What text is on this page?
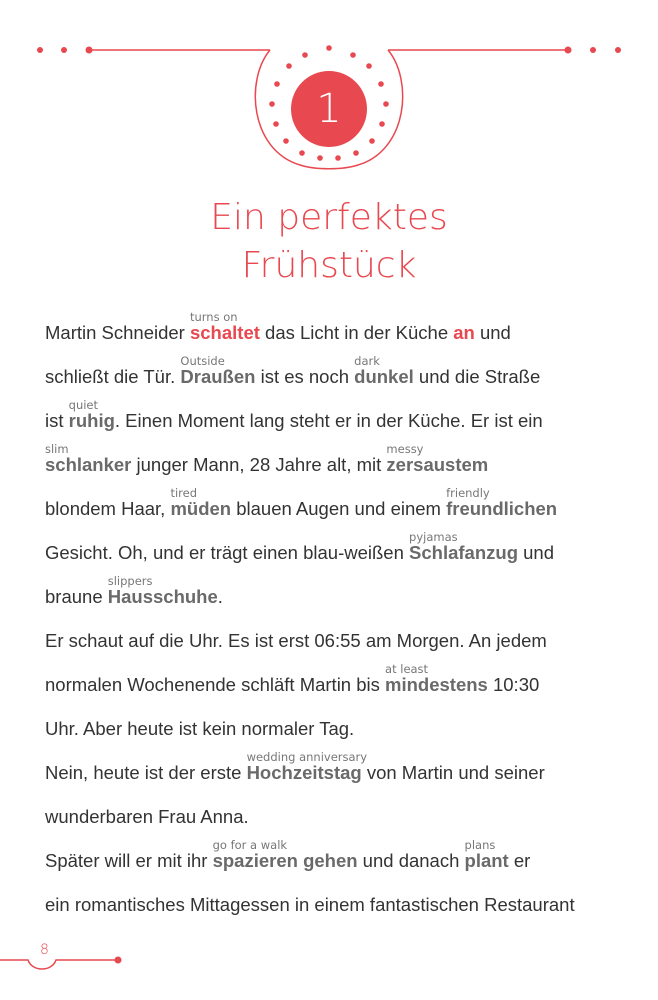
1
Ein perfektes
Frühstück
Martin Schneider
turns on
schaltet das Licht in der Küche an und
schließt die Tür.
Outside
Draußen ist es noch
dark
dunkel und die Straße
ist
quiet
ruhig . Einen Moment lang steht er in der Küche. Er ist ein
slim
schlanker junger Mann, 28 Jahre alt, mit
messy
zersaustem
blondem Haar,
tired
müden blauen Augen und einem
friendly
freundlichen
Gesicht. Oh, und er trägt einen blau-weißen
pyjamas
Schlafanzug und
braune
slippers
Hausschuhe .
Er schaut auf die Uhr. Es ist erst 06:55 am Morgen. An jedem
normalen Wochenende schläft Martin bis
at least
mindestens 10:30
Uhr. Aber heute ist kein normaler Tag.
Nein, heute ist der erste
wedding anniversary
Hochzeitstag von Martin und seiner
wunderbaren Frau Anna.
Später will er mit ihr
go for a walk
spazieren gehen und danach
plans
plant er
ein romantisches Mittagessen in einem fantastischen Restaurant
8
